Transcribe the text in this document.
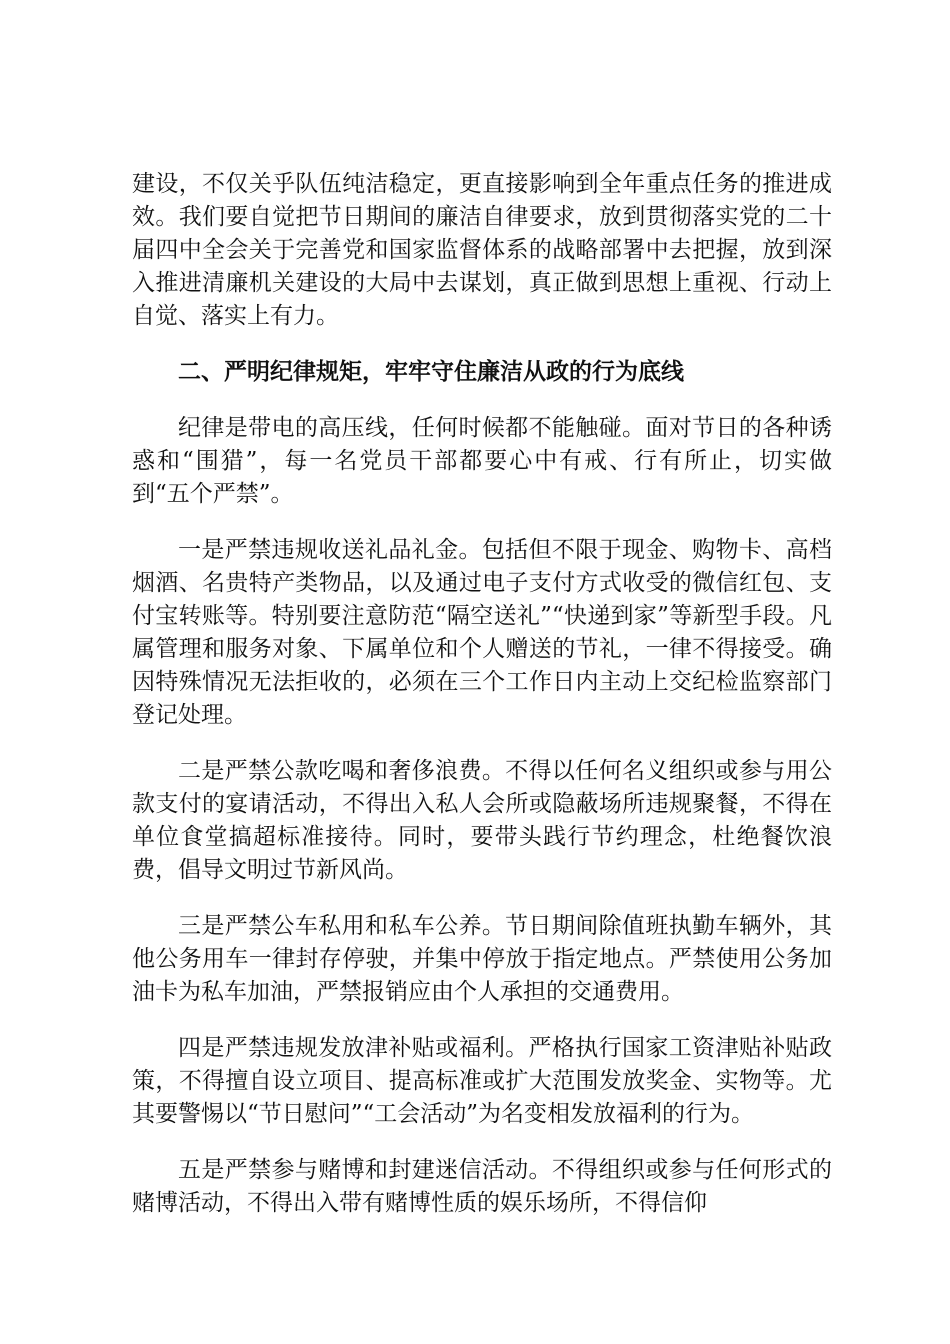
建设，不仅关乎队伍纯洁稳定，更直接影响到全年重点任务的推进成效。我们要自觉把节日期间的廉洁自律要求，放到贯彻落实党的二十届四中全会关于完善党和国家监督体系的战略部署中去把握，放到深入推进清廉机关建设的大局中去谋划，真正做到思想上重视、行动上自觉、落实上有力。

二、严明纪律规矩，牢牢守住廉洁从政的行为底线

纪律是带电的高压线，任何时候都不能触碰。面对节日的各种诱惑和“围猎”，每一名党员干部都要心中有戒、行有所止，切实做到“五个严禁”。

一是严禁违规收送礼品礼金。包括但不限于现金、购物卡、高档烟酒、名贵特产类物品，以及通过电子支付方式收受的微信红包、支付宝转账等。特别要注意防范“隔空送礼”“快递到家”等新型手段。凡属管理和服务对象、下属单位和个人赠送的节礼，一律不得接受。确因特殊情况无法拒收的，必须在三个工作日内主动上交纪检监察部门登记处理。

二是严禁公款吃喝和奢侈浪费。不得以任何名义组织或参与用公款支付的宴请活动，不得出入私人会所或隐蔽场所违规聚餐，不得在单位食堂搞超标准接待。同时，要带头践行节约理念，杜绝餐饮浪费，倡导文明过节新风尚。

三是严禁公车私用和私车公养。节日期间除值班执勤车辆外，其他公务用车一律封存停驶，并集中停放于指定地点。严禁使用公务加油卡为私车加油，严禁报销应由个人承担的交通费用。

四是严禁违规发放津补贴或福利。严格执行国家工资津贴补贴政策，不得擅自设立项目、提高标准或扩大范围发放奖金、实物等。尤其要警惕以“节日慰问”“工会活动”为名变相发放福利的行为。

五是严禁参与赌博和封建迷信活动。不得组织或参与任何形式的赌博活动，不得出入带有赌博性质的娱乐场所，不得信仰
